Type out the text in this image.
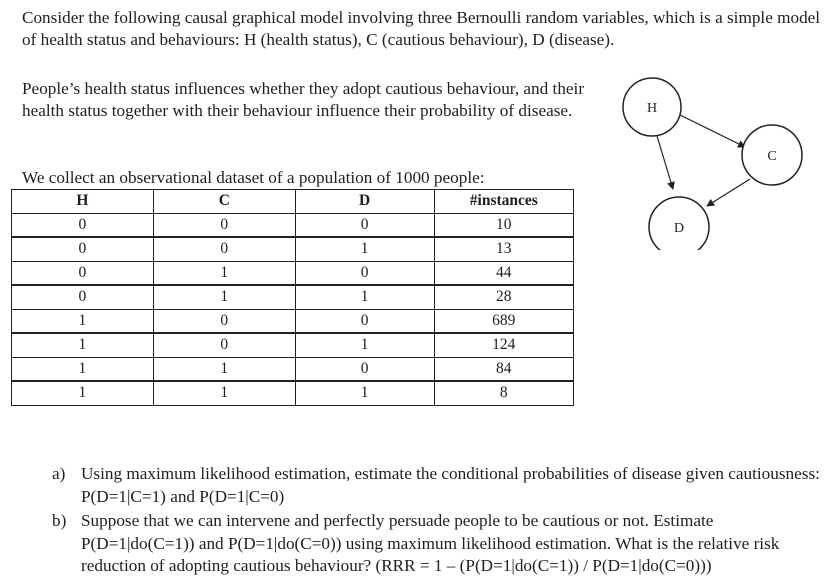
Consider the following causal graphical model involving three Bernoulli random variables, which is a simple model of health status and behaviours: H (health status), C (cautious behaviour), D (disease).

People’s health status influences whether they adopt cautious behaviour, and their health status together with their behaviour influence their probability of disease.

We collect an observational dataset of a population of 1000 people:

H	C	D	#instances
0	0	0	10
0	0	1	13
0	1	0	44
0	1	1	28
1	0	0	689
1	0	1	124
1	1	0	84
1	1	1	8
H
C
D
a) Using maximum likelihood estimation, estimate the conditional probabilities of disease given cautiousness: P(D=1|C=1) and P(D=1|C=0)
b) Suppose that we can intervene and perfectly persuade people to be cautious or not. Estimate P(D=1|do(C=1)) and P(D=1|do(C=0)) using maximum likelihood estimation. What is the relative risk reduction of adopting cautious behaviour? (RRR = 1 – (P(D=1|do(C=1)) / P(D=1|do(C=0)))
